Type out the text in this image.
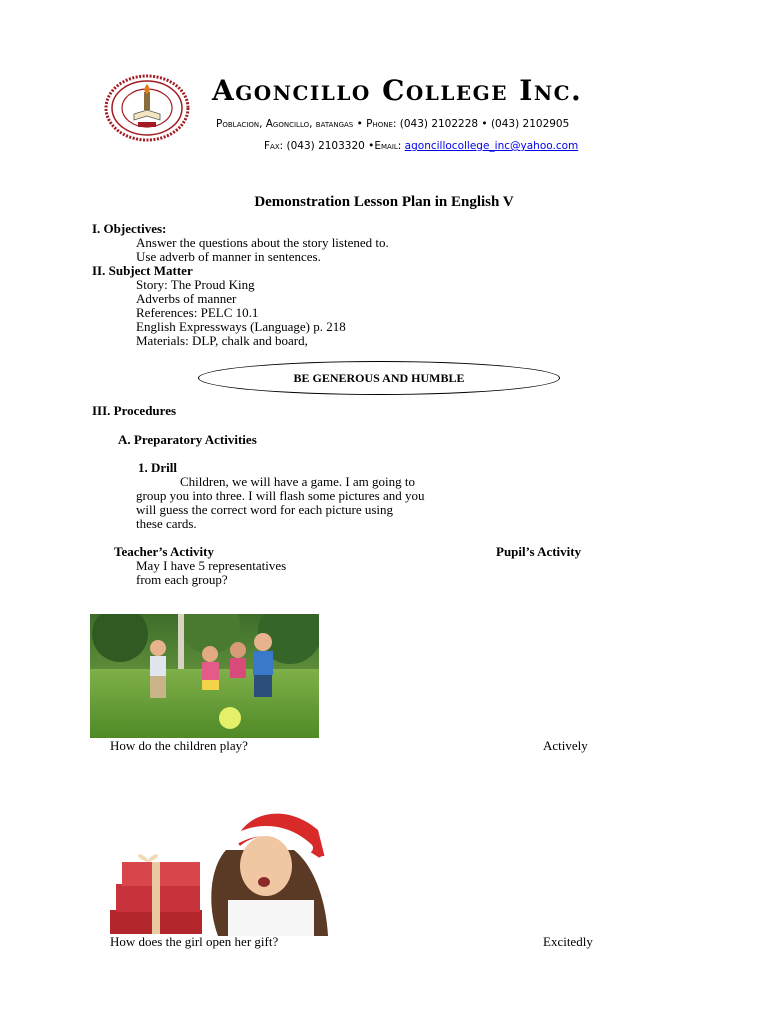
Agoncillo College Inc.
Poblacion, Agoncillo, batangas • Phone: (043) 2102228 • (043) 2102905
Fax: (043) 2103320 •Email: agoncillocollege_inc@yahoo.com
Demonstration Lesson Plan in English V
I. Objectives:
Answer the questions about the story listened to.
Use adverb of manner in sentences.
II. Subject Matter
Story: The Proud King
Adverbs of manner
References: PELC 10.1
English Expressways (Language) p. 218
Materials: DLP, chalk and board,
BE GENEROUS AND HUMBLE
III. Procedures
A. Preparatory Activities
1. Drill
Children, we will have a game. I am going to
group you into three. I will flash some pictures and you
will guess the correct word for each picture using
these cards.
Teacher’s Activity	Pupil’s Activity
May I have 5 representatives
from each group?
How do the children play?	Actively
How does the girl open her gift?	Excitedly
